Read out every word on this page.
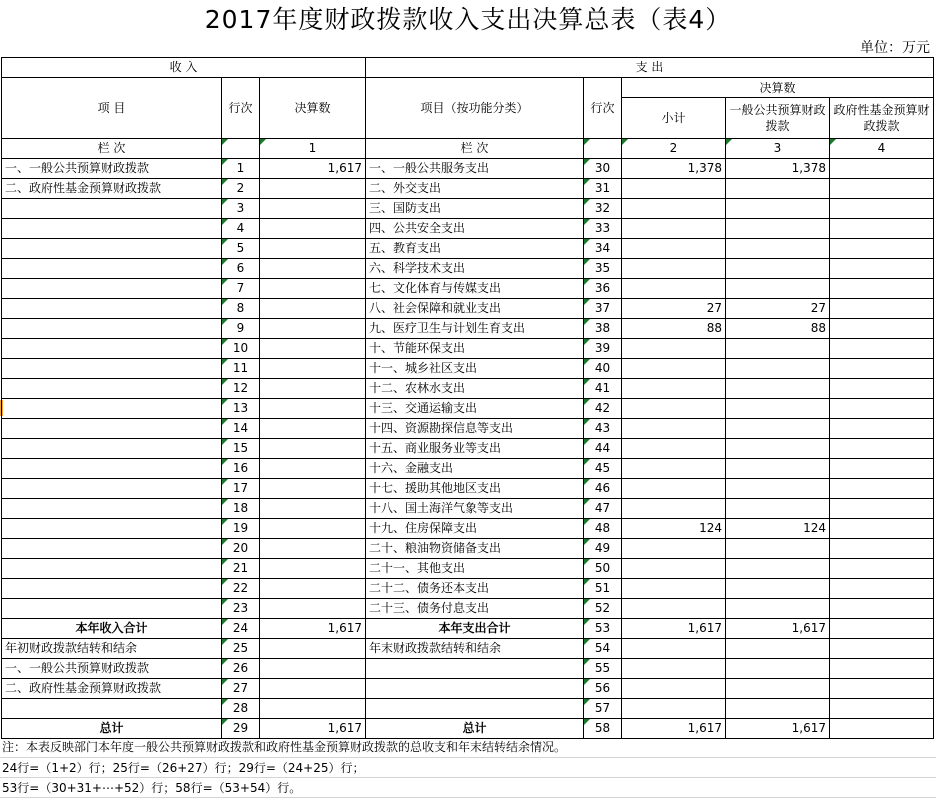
2017年度财政拨款收入支出决算总表（表4）
单位：万元
收 入			支 出				
项 目	行次	决算数	项目（按功能分类）	行次	决算数		
					小计	一般公共预算财政拨款	政府性基金预算财政拨款
栏 次		1	栏 次		2	3	4
一、一般公共预算财政拨款	1	1,617	一、一般公共服务支出	30	1,378	1,378	
二、政府性基金预算财政拨款	2		二、外交支出	31			
	3		三、国防支出	32			
	4		四、公共安全支出	33			
	5		五、教育支出	34			
	6		六、科学技术支出	35			
	7		七、文化体育与传媒支出	36			
	8		八、社会保障和就业支出	37	27	27	
	9		九、医疗卫生与计划生育支出	38	88	88	
	10		十、节能环保支出	39			
	11		十一、城乡社区支出	40			
	12		十二、农林水支出	41			
	13		十三、交通运输支出	42			
	14		十四、资源勘探信息等支出	43			
	15		十五、商业服务业等支出	44			
	16		十六、金融支出	45			
	17		十七、援助其他地区支出	46			
	18		十八、国土海洋气象等支出	47			
	19		十九、住房保障支出	48	124	124	
	20		二十、粮油物资储备支出	49			
	21		二十一、其他支出	50			
	22		二十二、债务还本支出	51			
	23		二十三、债务付息支出	52			
本年收入合计	24	1,617	本年支出合计	53	1,617	1,617	
年初财政拨款结转和结余	25		年末财政拨款结转和结余	54			
一、一般公共预算财政拨款	26			55			
二、政府性基金预算财政拨款	27			56			
	28			57			
总计	29	1,617	总计	58	1,617	1,617	
注：本表反映部门本年度一般公共预算财政拨款和政府性基金预算财政拨款的总收支和年末结转结余情况。
24行=（1+2）行；25行=（26+27）行；29行=（24+25）行；
53行=（30+31+⋯+52）行；58行=（53+54）行。
